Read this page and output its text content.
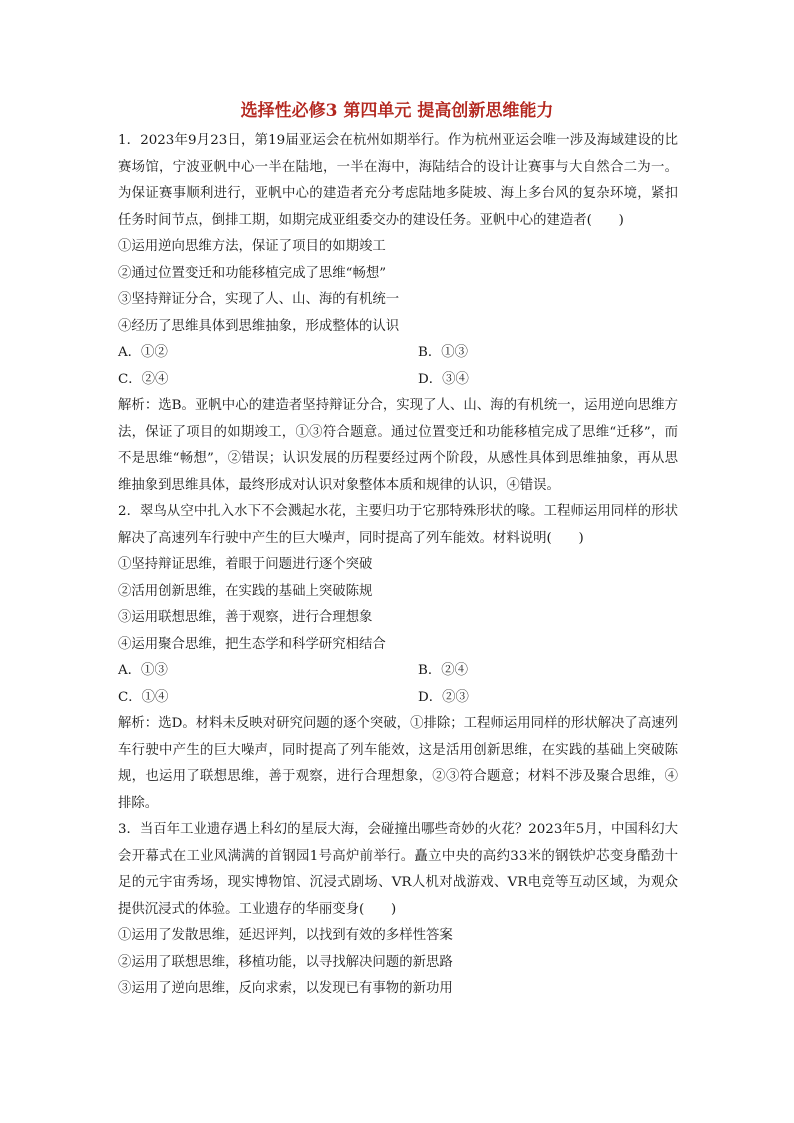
选择性必修3 第四单元 提高创新思维能力

1．2023年9月23日，第19届亚运会在杭州如期举行。作为杭州亚运会唯一涉及海域建设的比赛场馆，宁波亚帆中心一半在陆地，一半在海中，海陆结合的设计让赛事与大自然合二为一。为保证赛事顺利进行，亚帆中心的建造者充分考虑陆地多陡坡、海上多台风的复杂环境，紧扣任务时间节点，倒排工期，如期完成亚组委交办的建设任务。亚帆中心的建造者(　　)

①运用逆向思维方法，保证了项目的如期竣工

②通过位置变迁和功能移植完成了思维“畅想”

③坚持辩证分合，实现了人、山、海的有机统一

④经历了思维具体到思维抽象，形成整体的认识

A．①②	B．①③
C．②④	D．③④

解析：选B。亚帆中心的建造者坚持辩证分合，实现了人、山、海的有机统一，运用逆向思维方法，保证了项目的如期竣工，①③符合题意。通过位置变迁和功能移植完成了思维“迁移”，而不是思维“畅想”，②错误；认识发展的历程要经过两个阶段，从感性具体到思维抽象，再从思维抽象到思维具体，最终形成对认识对象整体本质和规律的认识，④错误。

2．翠鸟从空中扎入水下不会溅起水花，主要归功于它那特殊形状的喙。工程师运用同样的形状解决了高速列车行驶中产生的巨大噪声，同时提高了列车能效。材料说明(　　)

①坚持辩证思维，着眼于问题进行逐个突破

②活用创新思维，在实践的基础上突破陈规

③运用联想思维，善于观察，进行合理想象

④运用聚合思维，把生态学和科学研究相结合

A．①③	B．②④
C．①④	D．②③

解析：选D。材料未反映对研究问题的逐个突破，①排除；工程师运用同样的形状解决了高速列车行驶中产生的巨大噪声，同时提高了列车能效，这是活用创新思维，在实践的基础上突破陈规，也运用了联想思维，善于观察，进行合理想象，②③符合题意；材料不涉及聚合思维，④排除。

3．当百年工业遗存遇上科幻的星辰大海，会碰撞出哪些奇妙的火花？2023年5月，中国科幻大会开幕式在工业风满满的首钢园1号高炉前举行。矗立中央的高约33米的钢铁炉芯变身酷劲十足的元宇宙秀场，现实博物馆、沉浸式剧场、VR人机对战游戏、VR电竞等互动区域，为观众提供沉浸式的体验。工业遗存的华丽变身(　　)

①运用了发散思维，延迟评判，以找到有效的多样性答案

②运用了联想思维，移植功能，以寻找解决问题的新思路

③运用了逆向思维，反向求索，以发现已有事物的新功用
